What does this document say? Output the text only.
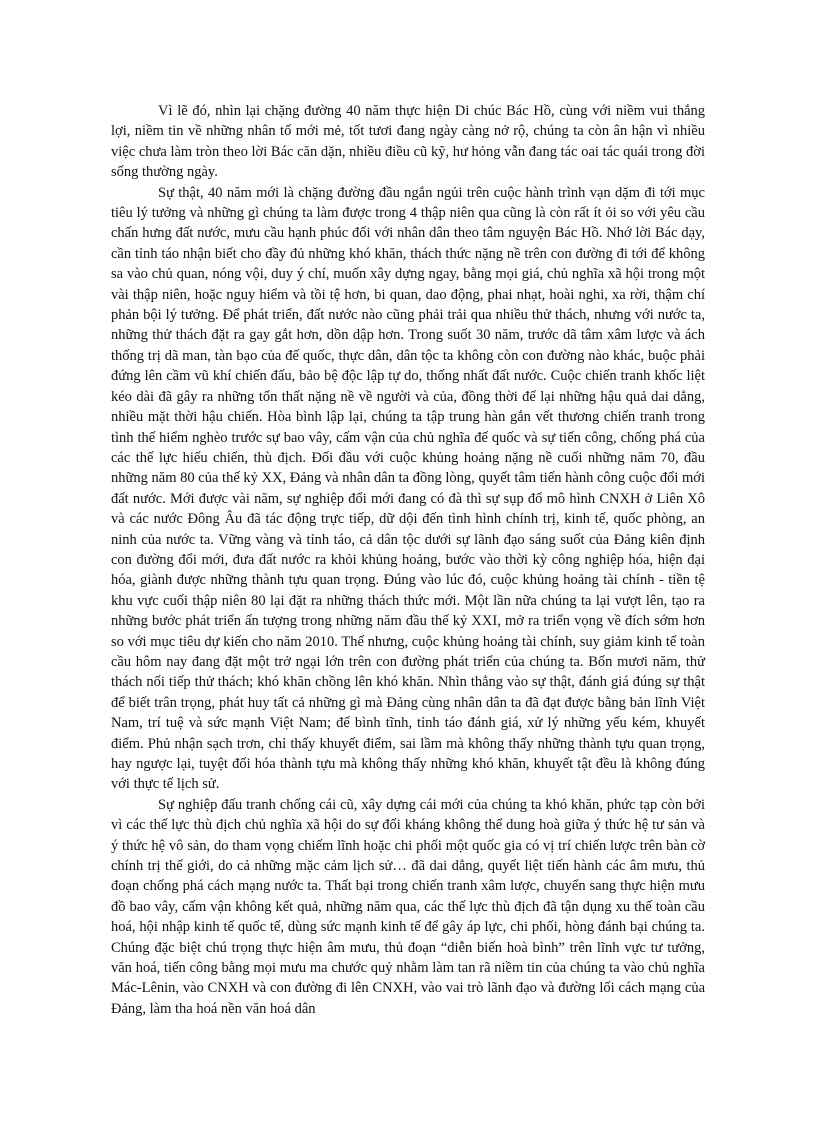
Vì lẽ đó, nhìn lại chặng đường 40 năm thực hiện Di chúc Bác Hồ, cùng với niềm vui thắng lợi, niềm tin về những nhân tố mới mẻ, tốt tươi đang ngày càng nở rộ, chúng ta còn ân hận vì nhiều việc chưa làm tròn theo lời Bác căn dặn, nhiều điều cũ kỹ, hư hỏng vẫn đang tác oai tác quái trong đời sống thường ngày.

Sự thật, 40 năm mới là chặng đường đầu ngắn ngủi trên cuộc hành trình vạn dặm đi tới mục tiêu lý tưởng và những gì chúng ta làm được trong 4 thập niên qua cũng là còn rất ít ỏi so với yêu cầu chấn hưng đất nước, mưu cầu hạnh phúc đối với nhân dân theo tâm nguyện Bác Hồ. Nhớ lời Bác dạy, cần tỉnh táo nhận biết cho đầy đủ những khó khăn, thách thức nặng nề trên con đường đi tới để không sa vào chủ quan, nóng vội, duy ý chí, muốn xây dựng ngay, bằng mọi giá, chủ nghĩa xã hội trong một vài thập niên, hoặc nguy hiểm và tồi tệ hơn, bi quan, dao động, phai nhạt, hoài nghi, xa rời, thậm chí phản bội lý tưởng. Để phát triển, đất nước nào cũng phải trải qua nhiều thử thách, nhưng với nước ta, những thử thách đặt ra gay gắt hơn, dồn dập hơn. Trong suốt 30 năm, trước dã tâm xâm lược và ách thống trị dã man, tàn bạo của đế quốc, thực dân, dân tộc ta không còn con đường nào khác, buộc phải đứng lên cầm vũ khí chiến đấu, bảo bệ độc lập tự do, thống nhất đất nước. Cuộc chiến tranh khốc liệt kéo dài đã gây ra những tổn thất nặng nề về người và của, đồng thời để lại những hậu quả dai dẳng, nhiều mặt thời hậu chiến. Hòa bình lập lại, chúng ta tập trung hàn gắn vết thương chiến tranh trong tình thế hiểm nghèo trước sự bao vây, cấm vận của chủ nghĩa đế quốc và sự tiến công, chống phá của các thế lực hiếu chiến, thù địch. Đối đầu với cuộc khủng hoảng nặng nề cuối những năm 70, đầu những năm 80 của thế kỷ XX, Đảng và nhân dân ta đồng lòng, quyết tâm tiến hành công cuộc đổi mới đất nước. Mới được vài năm, sự nghiệp đổi mới đang có đà thì sự sụp đổ mô hình CNXH ở Liên Xô và các nước Đông Âu đã tác động trực tiếp, dữ dội đến tình hình chính trị, kinh tế, quốc phòng, an ninh của nước ta. Vững vàng và tỉnh táo, cả dân tộc dưới sự lãnh đạo sáng suốt của Đảng kiên định con đường đổi mới, đưa đất nước ra khỏi khủng hoảng, bước vào thời kỳ công nghiệp hóa, hiện đại hóa, giành được những thành tựu quan trọng. Đúng vào lúc đó, cuộc khủng hoảng tài chính - tiền tệ khu vực cuối thập niên 80 lại đặt ra những thách thức mới. Một lần nữa chúng ta lại vượt lên, tạo ra những bước phát triển ấn tượng trong những năm đầu thế kỷ XXI, mở ra triển vọng về đích sớm hơn so với mục tiêu dự kiến cho năm 2010. Thế nhưng, cuộc khủng hoảng tài chính, suy giảm kinh tế toàn cầu hôm nay đang đặt một trở ngại lớn trên con đường phát triển của chúng ta. Bốn mươi năm, thử thách nối tiếp thử thách; khó khăn chồng lên khó khăn. Nhìn thẳng vào sự thật, đánh giá đúng sự thật để biết trân trọng, phát huy tất cả những gì mà Đảng cùng nhân dân ta đã đạt được bằng bản lĩnh Việt Nam, trí tuệ và sức mạnh Việt Nam; để bình tĩnh, tỉnh táo đánh giá, xử lý những yếu kém, khuyết điểm. Phủ nhận sạch trơn, chỉ thấy khuyết điểm, sai lầm mà không thấy những thành tựu quan trọng, hay ngược lại, tuyệt đối hóa thành tựu mà không thấy những khó khăn, khuyết tật đều là không đúng với thực tế lịch sử.

Sự nghiệp đấu tranh chống cái cũ, xây dựng cái mới của chúng ta khó khăn, phức tạp còn bởi vì các thế lực thù địch chủ nghĩa xã hội do sự đối kháng không thể dung hoà giữa ý thức hệ tư sản và ý thức hệ vô sản, do tham vọng chiếm lĩnh hoặc chi phối một quốc gia có vị trí chiến lược trên bàn cờ chính trị thế giới, do cả những mặc cảm lịch sử… đã dai dẳng, quyết liệt tiến hành các âm mưu, thủ đoạn chống phá cách mạng nước ta. Thất bại trong chiến tranh xâm lược, chuyển sang thực hiện mưu đồ bao vây, cấm vận không kết quả, những năm qua, các thế lực thù địch đã tận dụng xu thế toàn cầu hoá, hội nhập kinh tế quốc tế, dùng sức mạnh kinh tế để gây áp lực, chi phối, hòng đánh bại chúng ta. Chúng đặc biệt chú trọng thực hiện âm mưu, thủ đoạn “diễn biến hoà bình” trên lĩnh vực tư tưởng, văn hoá, tiến công bằng mọi mưu ma chước quỷ nhằm làm tan rã niềm tin của chúng ta vào chủ nghĩa Mác-Lênin, vào CNXH và con đường đi lên CNXH, vào vai trò lãnh đạo và đường lối cách mạng của Đảng, làm tha hoá nền văn hoá dân
